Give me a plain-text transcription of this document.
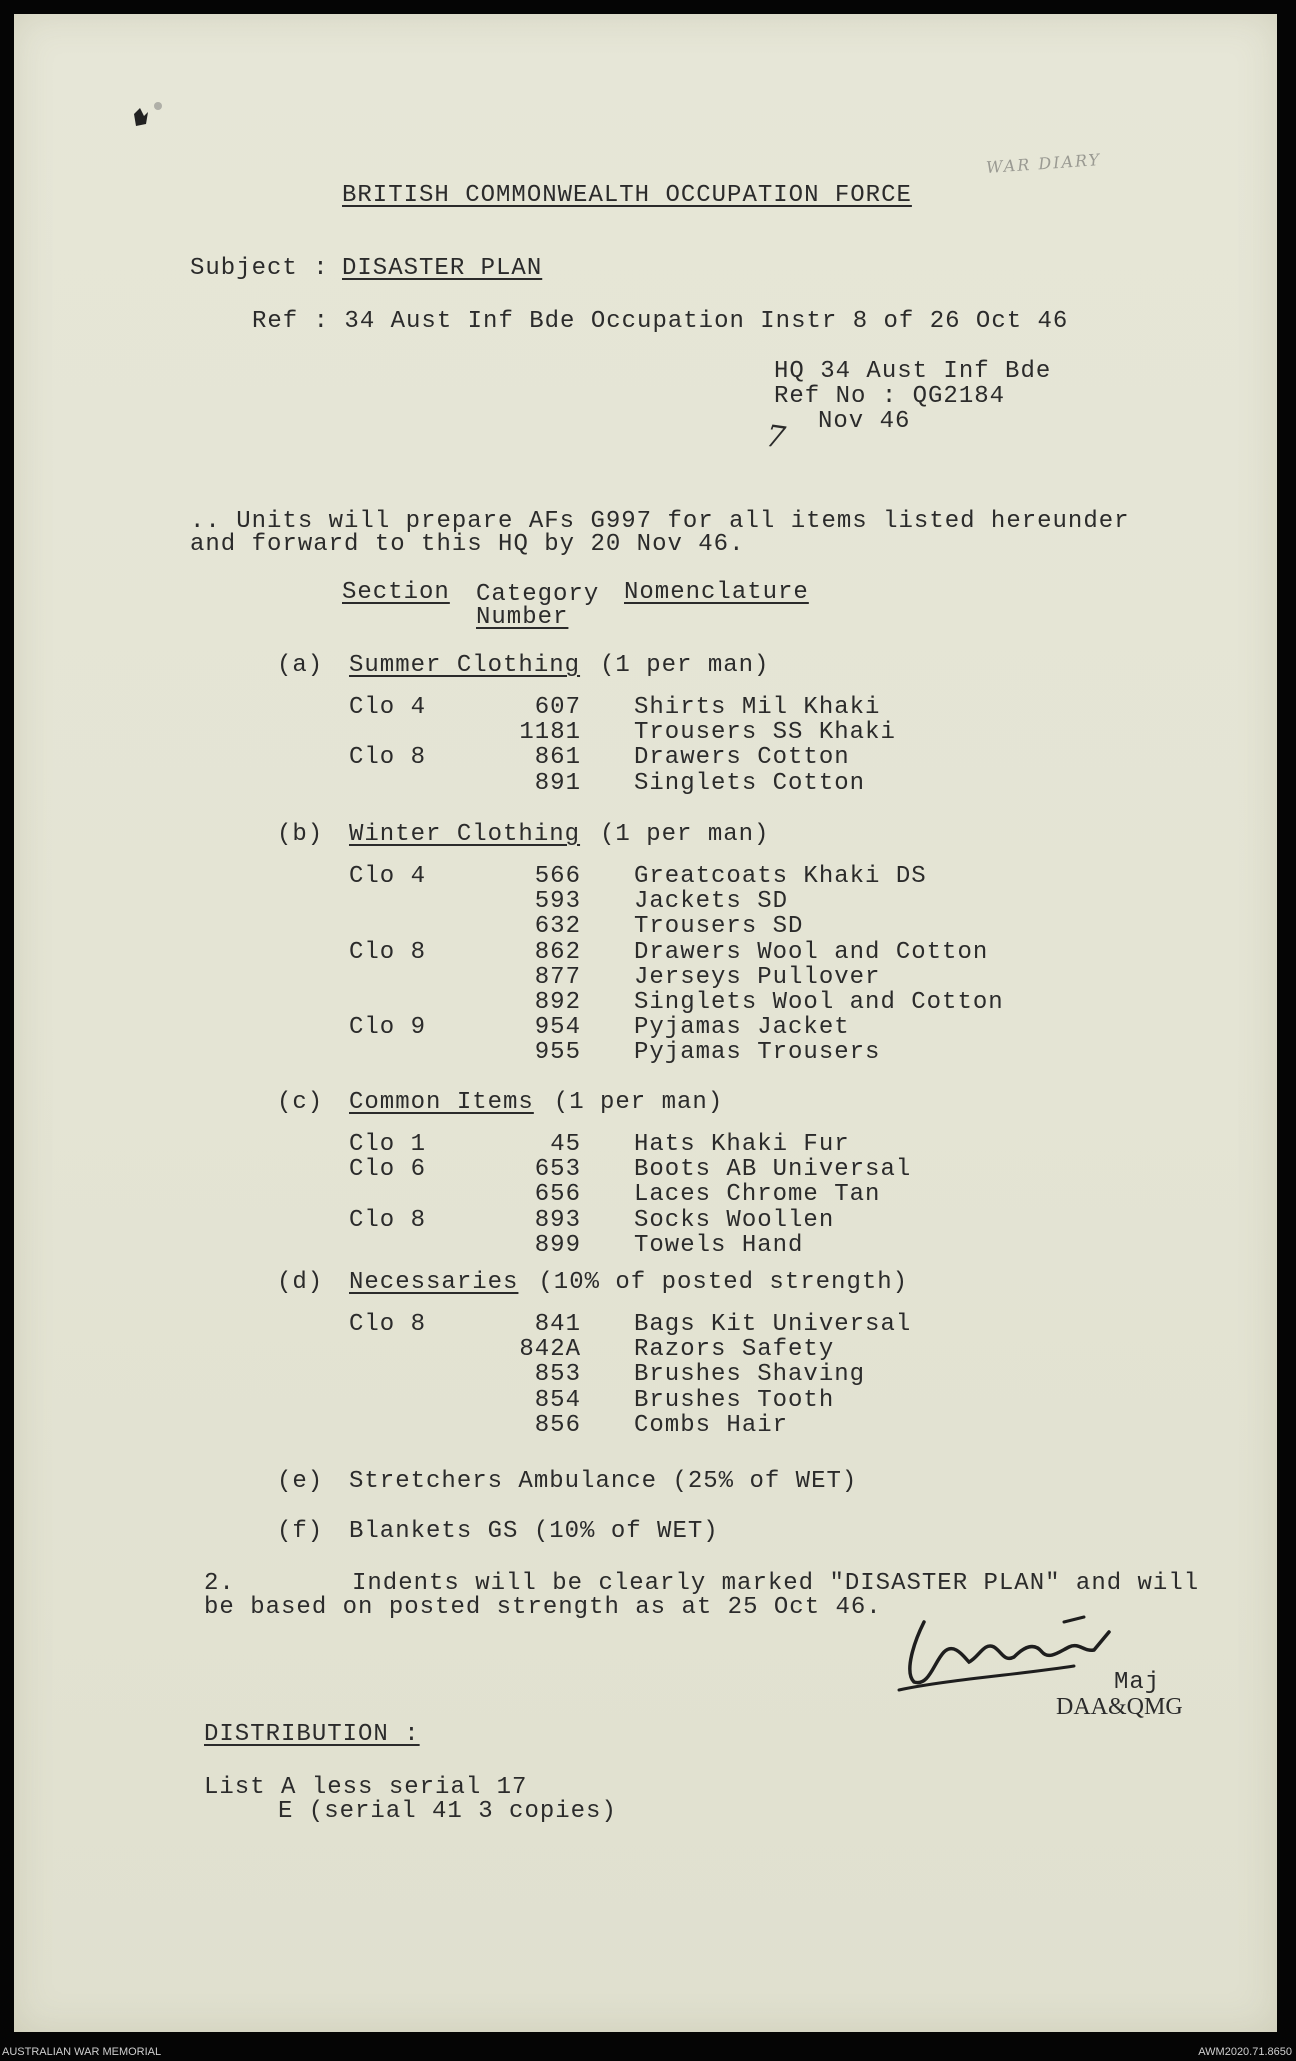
WAR DIARY
BRITISH COMMONWEALTH OCCUPATION FORCE
Subject : DISASTER PLAN
Ref : 34 Aust Inf Bde Occupation Instr 8 of 26 Oct 46
HQ 34 Aust Inf Bde
Ref No : QG2184
7 Nov 46
.. Units will prepare AFs G997 for all items listed hereunder
and forward to this HQ by 20 Nov 46.
Section Category
Number
Nomenclature
(a) Summer Clothing (1 per man)
Clo 4	607 Shirts Mil Khaki
1181 Trousers SS Khaki
Clo 8	861 Drawers Cotton
891 Singlets Cotton
(b) Winter Clothing (1 per man)
Clo 4	566 Greatcoats Khaki DS
593 Jackets SD
632 Trousers SD
Clo 8	862 Drawers Wool and Cotton
877 Jerseys Pullover
892 Singlets Wool and Cotton
Clo 9	954 Pyjamas Jacket
955 Pyjamas Trousers
(c) Common Items (1 per man)
Clo 1	45 Hats Khaki Fur
Clo 6	653 Boots AB Universal
656 Laces Chrome Tan
Clo 8	893 Socks Woollen
899 Towels Hand
(d) Necessaries (10% of posted strength)
Clo 8	841 Bags Kit Universal
842A Razors Safety
853 Brushes Shaving
854 Brushes Tooth
856 Combs Hair
(e) Stretchers Ambulance (25% of WET)
(f) Blankets GS (10% of WET)
2.	Indents will be clearly marked "DISASTER PLAN" and will
be based on posted strength as at 25 Oct 46.
Maj
DAA&QMG
DISTRIBUTION :
List A less serial 17
E (serial 41 3 copies)
AUSTRALIAN WAR MEMORIAL	AWM2020.71.8650
